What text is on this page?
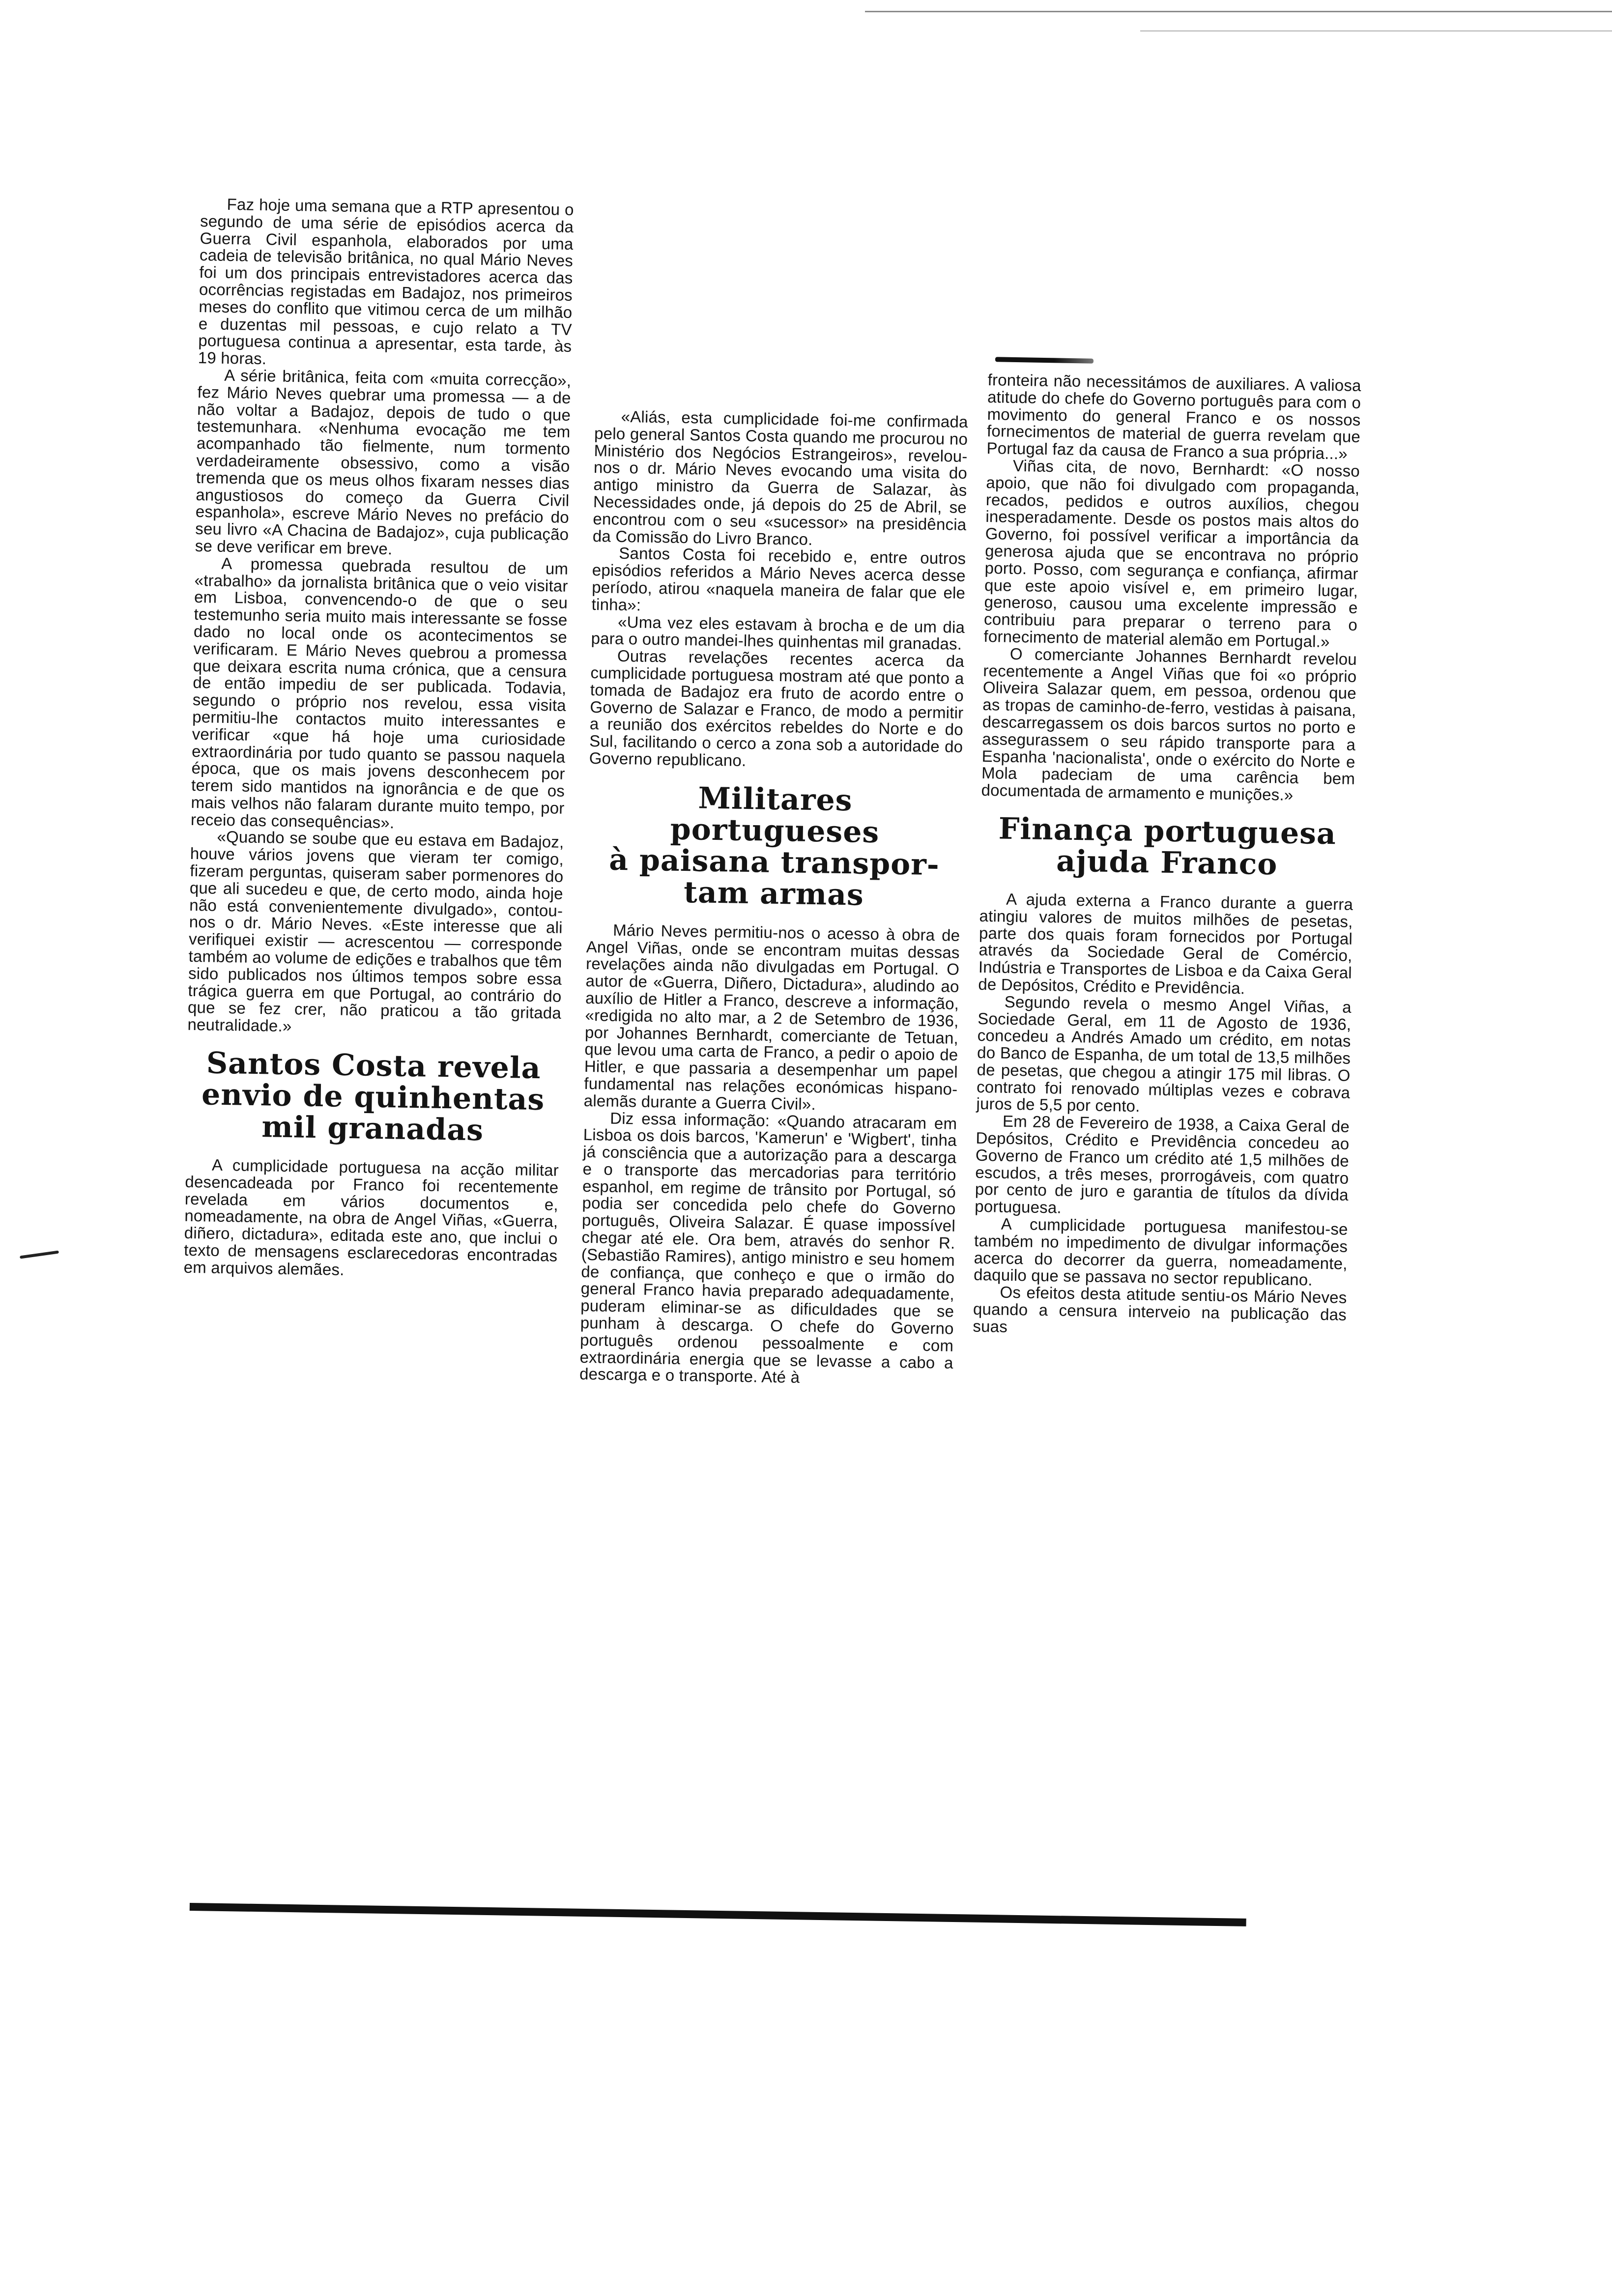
Faz hoje uma semana que a RTP apresentou o segundo de uma série de episódios acerca da Guerra Civil espanhola, elaborados por uma cadeia de televisão britânica, no qual Mário Neves foi um dos principais entrevistadores acerca das ocorrências registadas em Badajoz, nos primeiros meses do conflito que vitimou cerca de um milhão e duzentas mil pessoas, e cujo relato a TV portuguesa continua a apresentar, esta tarde, às 19 horas.

A série britânica, feita com «muita correcção», fez Mário Neves quebrar uma promessa — a de não voltar a Badajoz, depois de tudo o que testemunhara. «Nenhuma evocação me tem acompanhado tão fielmente, num tormento verdadeiramente obsessivo, como a visão tremenda que os meus olhos fixaram nesses dias angustiosos do começo da Guerra Civil espanhola», escreve Mário Neves no prefácio do seu livro «A Chacina de Badajoz», cuja publicação se deve verificar em breve.

A promessa quebrada resultou de um «trabalho» da jornalista britânica que o veio visitar em Lisboa, convencendo-o de que o seu testemunho seria muito mais interessante se fosse dado no local onde os acontecimentos se verificaram. E Mário Neves quebrou a promessa que deixara escrita numa crónica, que a censura de então impediu de ser publicada. Todavia, segundo o próprio nos revelou, essa visita permitiu-lhe contactos muito interessantes e verificar «que há hoje uma curiosidade extraordinária por tudo quanto se passou naquela época, que os mais jovens desconhecem por terem sido mantidos na ignorância e de que os mais velhos não falaram durante muito tempo, por receio das consequências».

«Quando se soube que eu estava em Badajoz, houve vários jovens que vieram ter comigo, fizeram perguntas, quiseram saber pormenores do que ali sucedeu e que, de certo modo, ainda hoje não está convenientemente divulgado», contou-nos o dr. Mário Neves. «Este interesse que ali verifiquei existir — acrescentou — corresponde também ao volume de edições e trabalhos que têm sido publicados nos últimos tempos sobre essa trágica guerra em que Portugal, ao contrário do que se fez crer, não praticou a tão gritada neutralidade.»

Santos Costa revela
envio de quinhentas
mil granadas

A cumplicidade portuguesa na acção militar desencadeada por Franco foi recentemente revelada em vários documentos e, nomeadamente, na obra de Angel Viñas, «Guerra, diñero, dictadura», editada este ano, que inclui o texto de mensagens esclarecedoras encontradas em arquivos alemães.

«Aliás, esta cumplicidade foi-me confirmada pelo general Santos Costa quando me procurou no Ministério dos Negócios Estrangeiros», revelou-nos o dr. Mário Neves evocando uma visita do antigo ministro da Guerra de Salazar, às Necessidades onde, já depois do 25 de Abril, se encontrou com o seu «sucessor» na presidência da Comissão do Livro Branco.

Santos Costa foi recebido e, entre outros episódios referidos a Mário Neves acerca desse período, atirou «naquela maneira de falar que ele tinha»:

«Uma vez eles estavam à brocha e de um dia para o outro mandei-lhes quinhentas mil granadas.

Outras revelações recentes acerca da cumplicidade portuguesa mostram até que ponto a tomada de Badajoz era fruto de acordo entre o Governo de Salazar e Franco, de modo a permitir a reunião dos exércitos rebeldes do Norte e do Sul, facilitando o cerco a zona sob a autoridade do Governo republicano.

Militares portugueses
à paisana transpor-
tam armas

Mário Neves permitiu-nos o acesso à obra de Angel Viñas, onde se encontram muitas dessas revelações ainda não divulgadas em Portugal. O autor de «Guerra, Diñero, Dictadura», aludindo ao auxílio de Hitler a Franco, descreve a informação, «redigida no alto mar, a 2 de Setembro de 1936, por Johannes Bernhardt, comerciante de Tetuan, que levou uma carta de Franco, a pedir o apoio de Hitler, e que passaria a desempenhar um papel fundamental nas relações económicas hispano-alemãs durante a Guerra Civil».

Diz essa informação: «Quando atracaram em Lisboa os dois barcos, 'Kamerun' e 'Wigbert', tinha já consciência que a autorização para a descarga e o transporte das mercadorias para território espanhol, em regime de trânsito por Portugal, só podia ser concedida pelo chefe do Governo português, Oliveira Salazar. É quase impossível chegar até ele. Ora bem, através do senhor R. (Sebastião Ramires), antigo ministro e seu homem de confiança, que conheço e que o irmão do general Franco havia preparado adequadamente, puderam eliminar-se as dificuldades que se punham à descarga. O chefe do Governo português ordenou pessoalmente e com extraordinária energia que se levasse a cabo a descarga e o transporte. Até à

fronteira não necessitámos de auxiliares. A valiosa atitude do chefe do Governo português para com o movimento do general Franco e os nossos fornecimentos de material de guerra revelam que Portugal faz da causa de Franco a sua própria...»

Viñas cita, de novo, Bernhardt: «O nosso apoio, que não foi divulgado com propaganda, recados, pedidos e outros auxílios, chegou inesperadamente. Desde os postos mais altos do Governo, foi possível verificar a importância da generosa ajuda que se encontrava no próprio porto. Posso, com segurança e confiança, afirmar que este apoio visível e, em primeiro lugar, generoso, causou uma excelente impressão e contribuiu para preparar o terreno para o fornecimento de material alemão em Portugal.»

O comerciante Johannes Bernhardt revelou recentemente a Angel Viñas que foi «o próprio Oliveira Salazar quem, em pessoa, ordenou que as tropas de caminho-de-ferro, vestidas à paisana, descarregassem os dois barcos surtos no porto e assegurassem o seu rápido transporte para a Espanha 'nacionalista', onde o exército do Norte e Mola padeciam de uma carência bem documentada de armamento e munições.»

Finança portuguesa
ajuda Franco

A ajuda externa a Franco durante a guerra atingiu valores de muitos milhões de pesetas, parte dos quais foram fornecidos por Portugal através da Sociedade Geral de Comércio, Indústria e Transportes de Lisboa e da Caixa Geral de Depósitos, Crédito e Previdência.

Segundo revela o mesmo Angel Viñas, a Sociedade Geral, em 11 de Agosto de 1936, concedeu a Andrés Amado um crédito, em notas do Banco de Espanha, de um total de 13,5 milhões de pesetas, que chegou a atingir 175 mil libras. O contrato foi renovado múltiplas vezes e cobrava juros de 5,5 por cento.

Em 28 de Fevereiro de 1938, a Caixa Geral de Depósitos, Crédito e Previdência concedeu ao Governo de Franco um crédito até 1,5 milhões de escudos, a três meses, prorrogáveis, com quatro por cento de juro e garantia de títulos da dívida portuguesa.

A cumplicidade portuguesa manifestou-se também no impedimento de divulgar informações acerca do decorrer da guerra, nomeadamente, daquilo que se passava no sector republicano.

Os efeitos desta atitude sentiu-os Mário Neves quando a censura interveio na publicação das suas
